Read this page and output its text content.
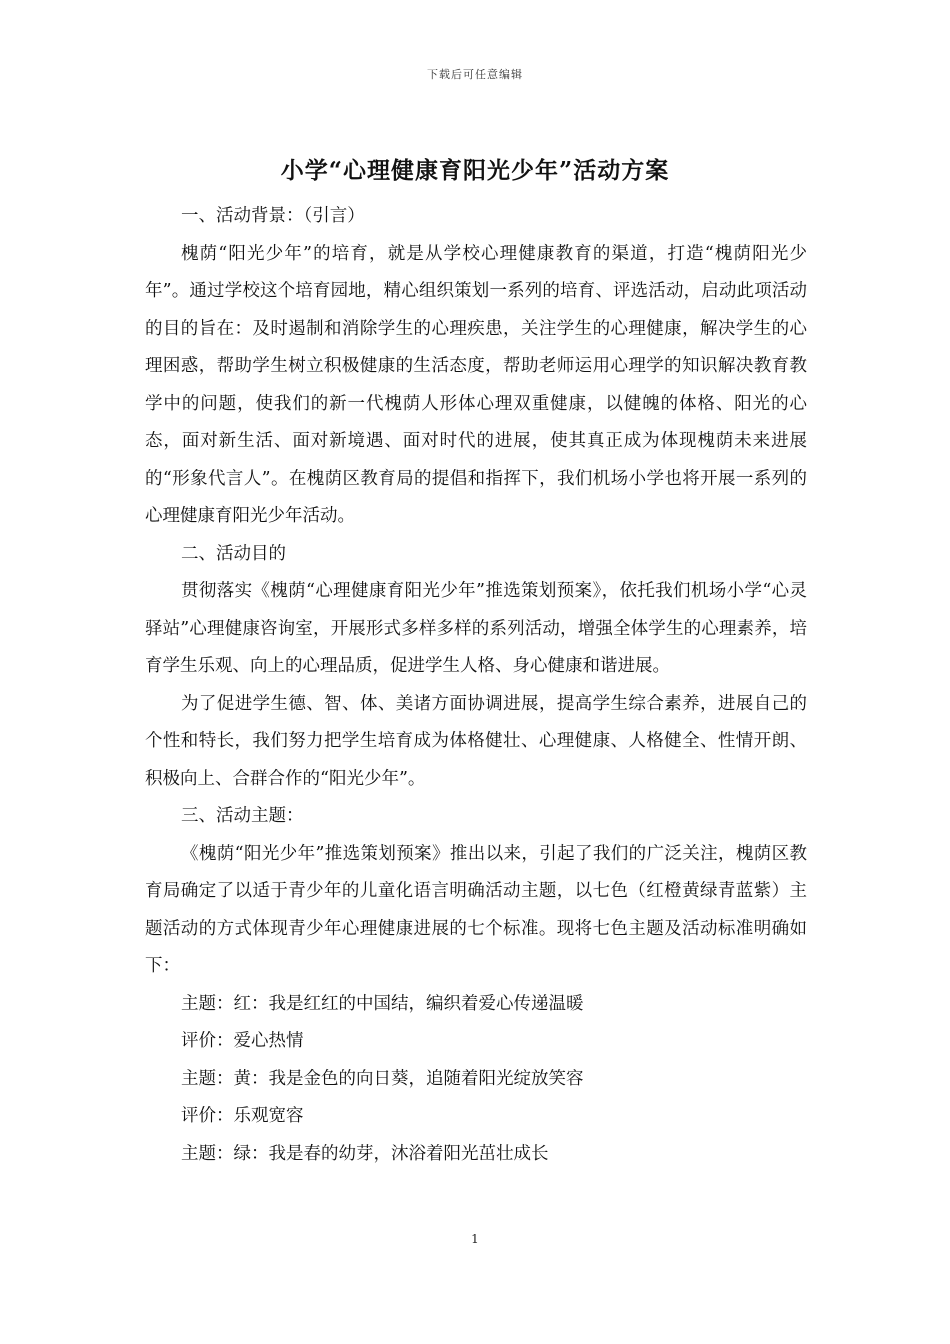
下载后可任意编辑
小学“心理健康育阳光少年”活动方案

一、活动背景：（引言）

槐荫“阳光少年”的培育，就是从学校心理健康教育的渠道，打造“槐荫阳光少年”。通过学校这个培育园地，精心组织策划一系列的培育、评选活动，启动此项活动的目的旨在：及时遏制和消除学生的心理疾患，关注学生的心理健康，解决学生的心理困惑，帮助学生树立积极健康的生活态度，帮助老师运用心理学的知识解决教育教学中的问题，使我们的新一代槐荫人形体心理双重健康，以健魄的体格、阳光的心态，面对新生活、面对新境遇、面对时代的进展，使其真正成为体现槐荫未来进展的“形象代言人”。在槐荫区教育局的提倡和指挥下，我们机场小学也将开展一系列的心理健康育阳光少年活动。

二、活动目的

贯彻落实《槐荫“心理健康育阳光少年”推选策划预案》，依托我们机场小学“心灵驿站”心理健康咨询室，开展形式多样多样的系列活动，增强全体学生的心理素养，培育学生乐观、向上的心理品质，促进学生人格、身心健康和谐进展。

为了促进学生德、智、体、美诸方面协调进展，提高学生综合素养，进展自己的个性和特长，我们努力把学生培育成为体格健壮、心理健康、人格健全、性情开朗、积极向上、合群合作的“阳光少年”。

三、活动主题：

《槐荫“阳光少年”推选策划预案》推出以来，引起了我们的广泛关注，槐荫区教育局确定了以适于青少年的儿童化语言明确活动主题，以七色（红橙黄绿青蓝紫）主题活动的方式体现青少年心理健康进展的七个标准。现将七色主题及活动标准明确如下：

主题：红：我是红红的中国结，编织着爱心传递温暖

评价：爱心热情

主题：黄：我是金色的向日葵，追随着阳光绽放笑容

评价：乐观宽容

主题：绿：我是春的幼芽，沐浴着阳光茁壮成长

1
